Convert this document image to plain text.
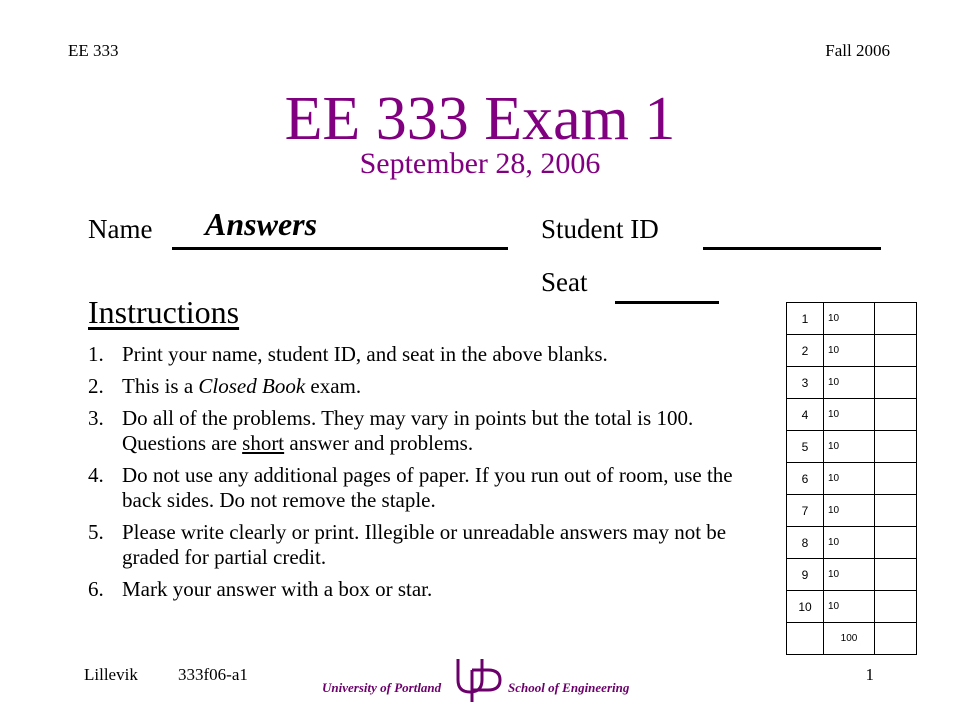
EE 333	Fall 2006
EE 333 Exam 1
September 28, 2006
Name Answers	Student ID
Seat
Instructions
1. Print your name, student ID, and seat in the above blanks.
2. This is a Closed Book exam.
3. Do all of the problems. They may vary in points but the total is 100. Questions are short answer and problems.
4. Do not use any additional pages of paper. If you run out of room, use the back sides. Do not remove the staple.
5. Please write clearly or print. Illegible or unreadable answers may not be graded for partial credit.
6. Mark your answer with a box or star.
1	10	
2	10	
3	10	
4	10	
5	10	
6	10	
7	10	
8	10	
9	10	
10	10	
	100	
Lillevik 333f06-a1	1
University of Portland	School of Engineering
